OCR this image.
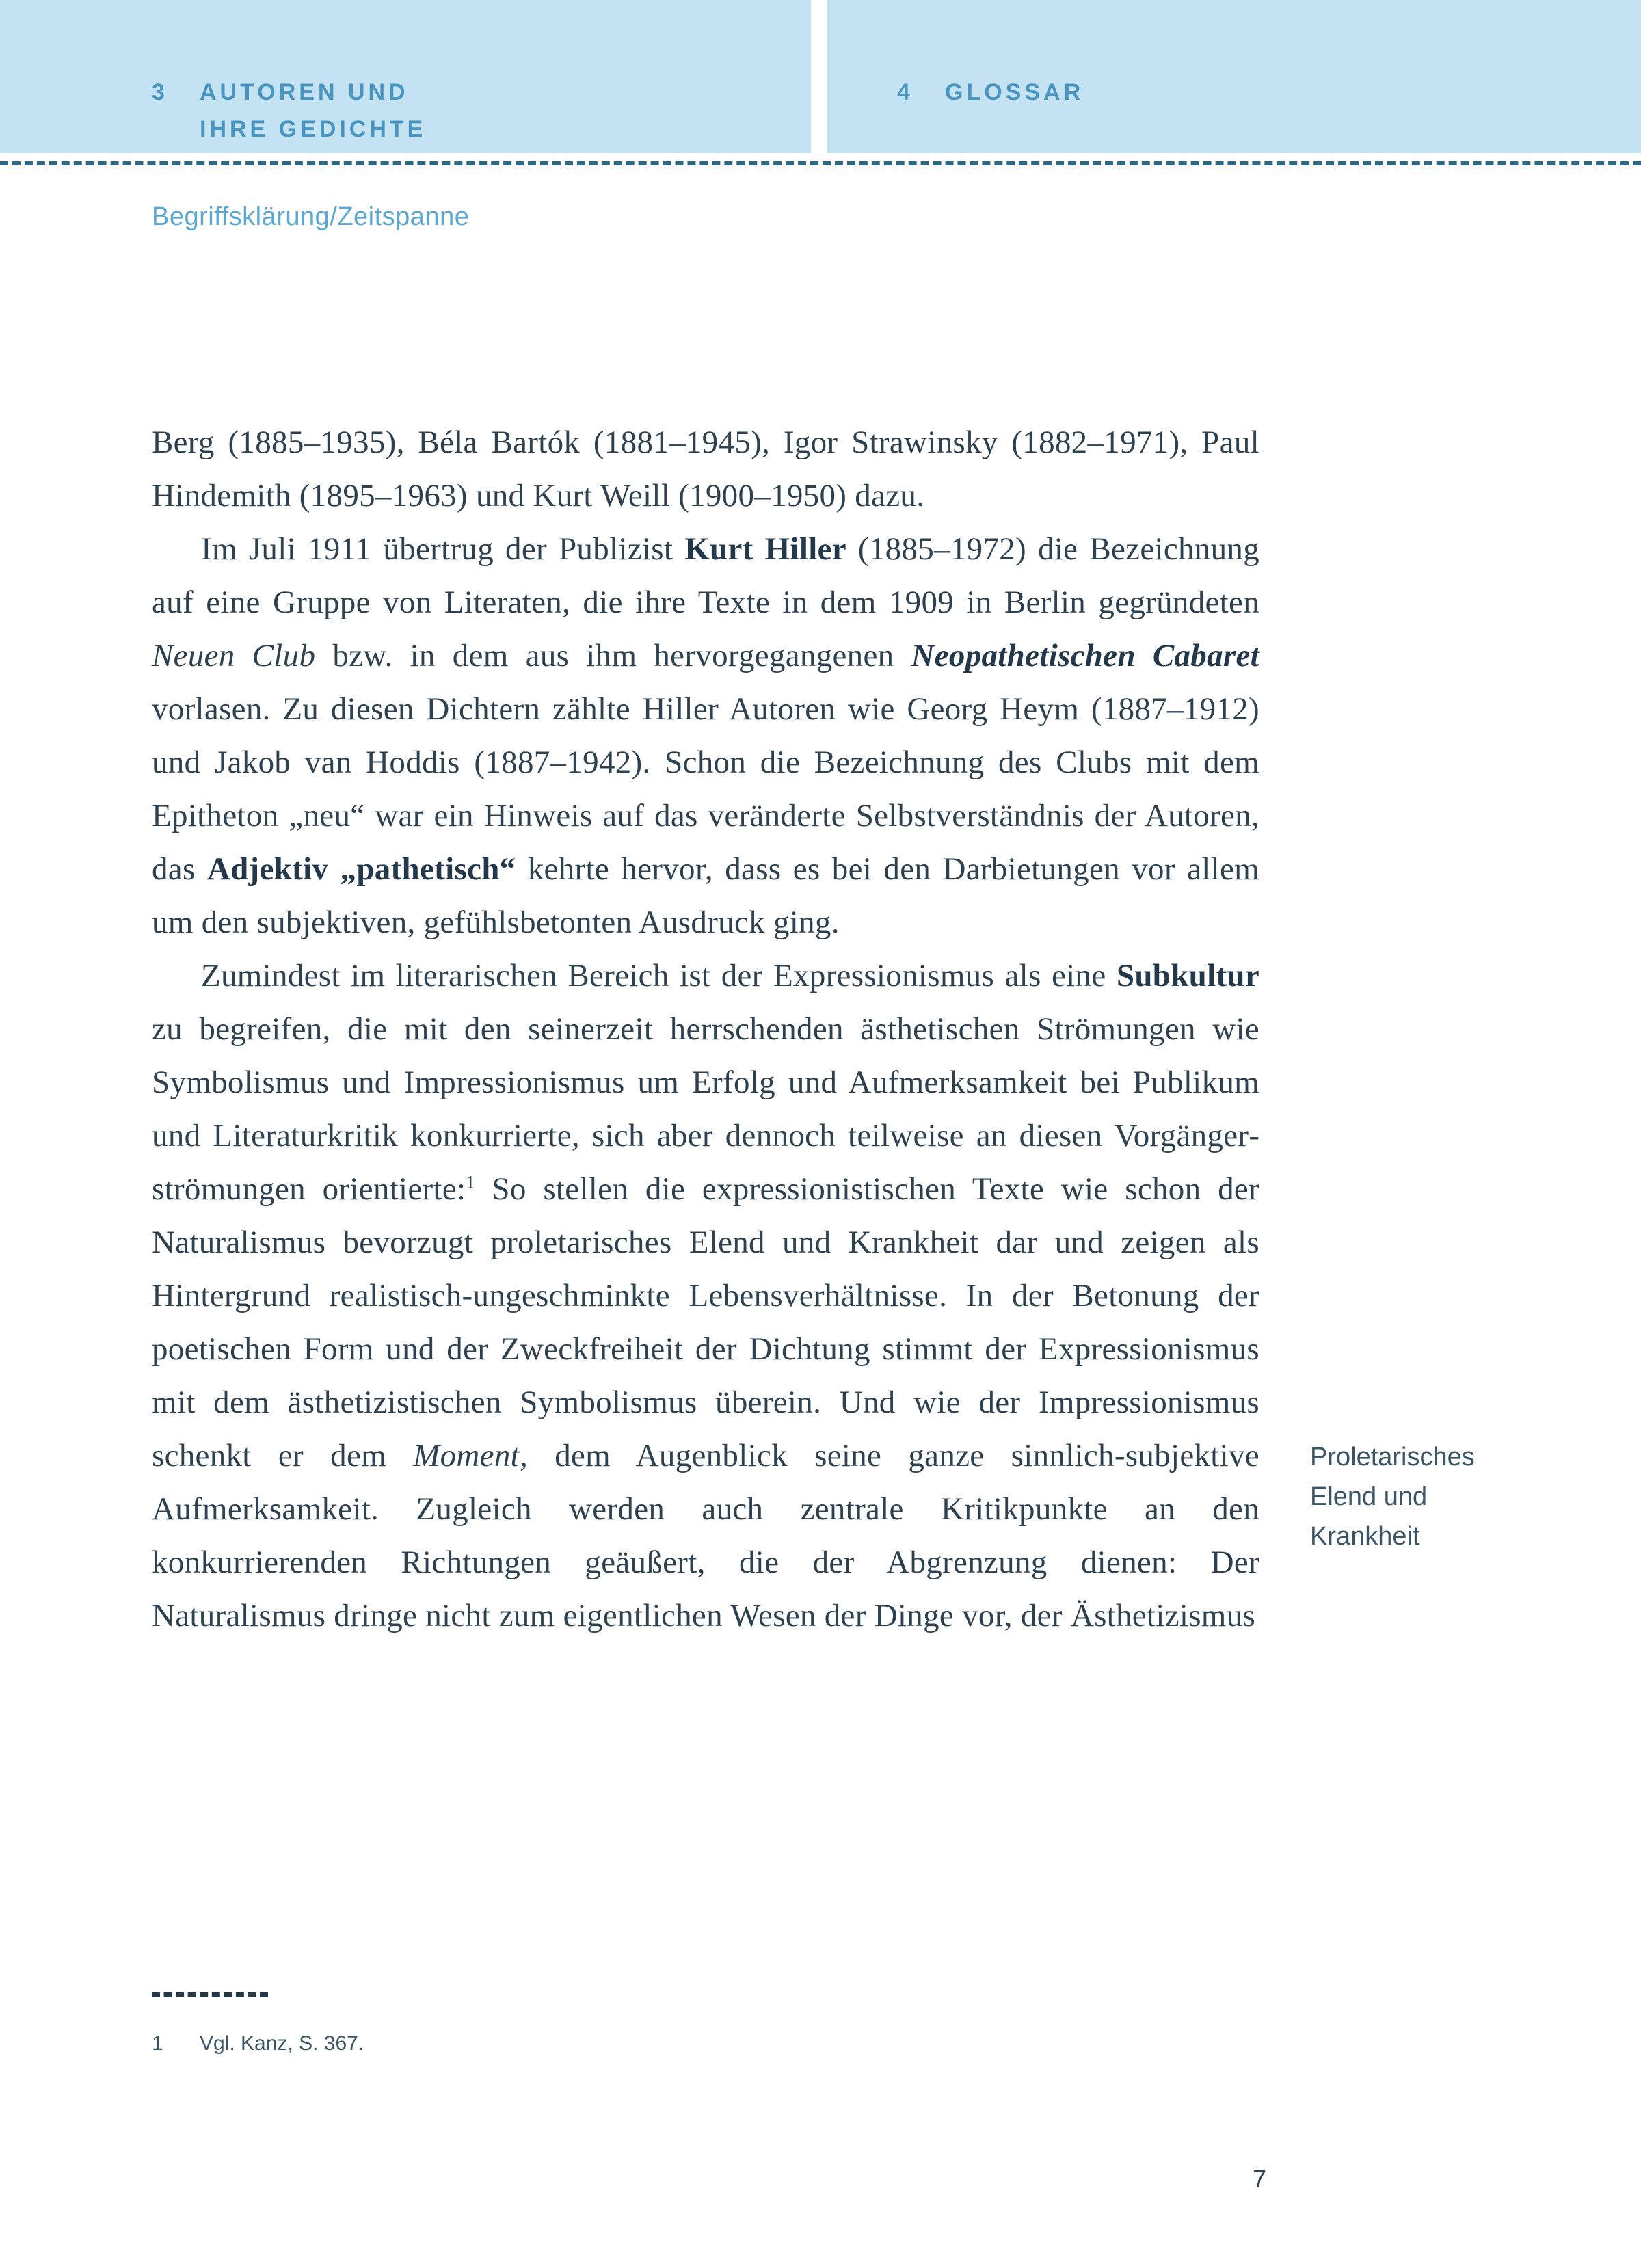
3 AUTOREN UND
IHRE GEDICHTE
4 GLOSSAR
Begriffsklärung/Zeitspanne

Berg (1885–1935), Béla Bartók (1881–1945), Igor Strawinsky (1882–1971), Paul Hindemith (1895–1963) und Kurt Weill (1900–1950) dazu.

Im Juli 1911 übertrug der Publizist Kurt Hiller (1885–1972) die Bezeichnung auf eine Gruppe von Literaten, die ihre Texte in dem 1909 in Berlin gegründeten Neuen Club bzw. in dem aus ihm hervorgegangenen Neopathetischen Cabaret vorlasen. Zu diesen Dichtern zählte Hiller Autoren wie Georg Heym (1887–1912) und Jakob van Hoddis (1887–1942). Schon die Bezeichnung des Clubs mit dem Epitheton „neu“ war ein Hinweis auf das veränderte Selbstverständnis der Autoren, das Adjektiv „pathetisch“ kehrte hervor, dass es bei den Darbietungen vor allem um den subjektiven, gefühlsbetonten Ausdruck ging.

Zumindest im literarischen Bereich ist der Expressionismus als eine Subkultur zu begreifen, die mit den seinerzeit herrschenden ästhetischen Strömungen wie Symbolismus und Impressionismus um Erfolg und Aufmerksamkeit bei Publikum und Literaturkritik konkurrierte, sich aber dennoch teilweise an diesen Vorgängerströmungen orientierte:$^1$ So stellen die expressionistischen Texte wie schon der Naturalismus bevorzugt proletarisches Elend und Krankheit dar und zeigen als Hintergrund realistisch-ungeschminkte Lebensverhältnisse. In der Betonung der poetischen Form und der Zweckfreiheit der Dichtung stimmt der Expressionismus mit dem ästhetizistischen Symbolismus überein. Und wie der Impressionismus schenkt er dem Moment, dem Augenblick seine ganze sinnlich-subjektive Aufmerksamkeit. Zugleich werden auch zentrale Kritikpunkte an den konkurrierenden Richtungen geäußert, die der Abgrenzung dienen: Der Naturalismus dringe nicht zum eigentlichen Wesen der Dinge vor, der Ästhetizismus

Proletarisches Elend und Krankheit
1 Vgl. Kanz, S. 367.
7
